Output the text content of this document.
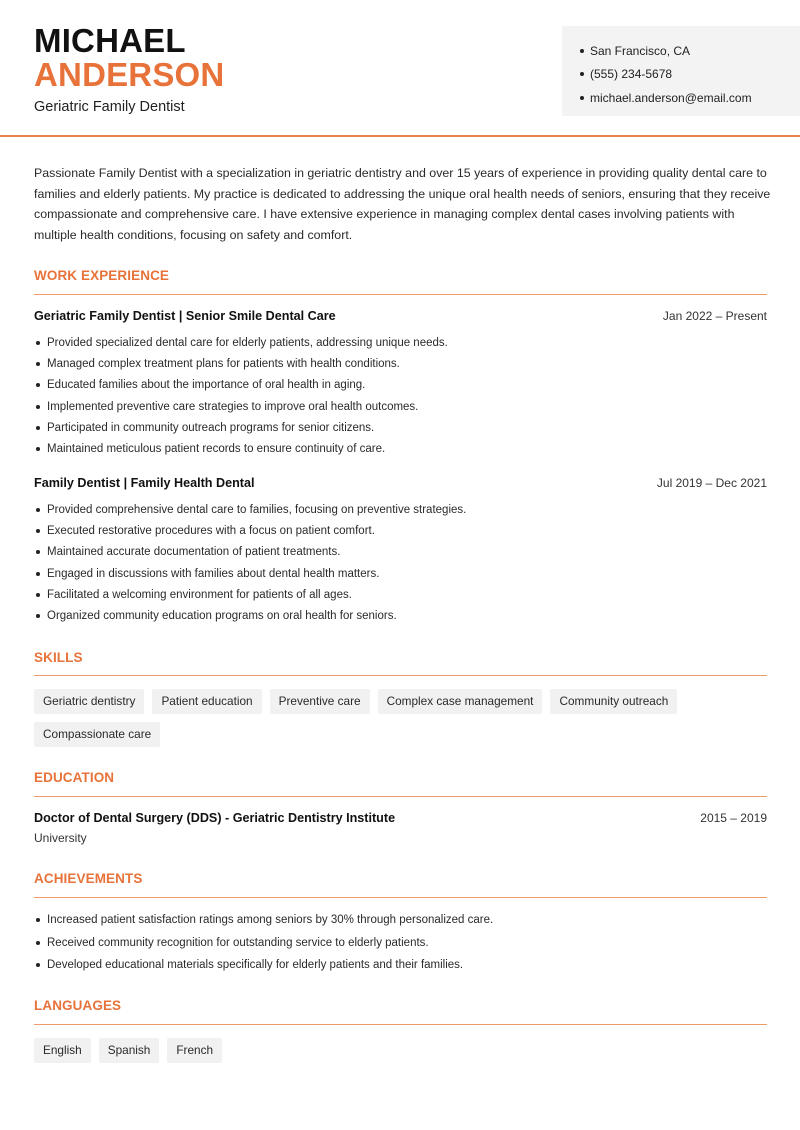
MICHAEL
ANDERSON
Geriatric Family Dentist
San Francisco, CA
(555) 234-5678
michael.anderson@email.com
Passionate Family Dentist with a specialization in geriatric dentistry and over 15 years of experience in providing quality dental care to families and elderly patients. My practice is dedicated to addressing the unique oral health needs of seniors, ensuring that they receive compassionate and comprehensive care. I have extensive experience in managing complex dental cases involving patients with multiple health conditions, focusing on safety and comfort.
WORK EXPERIENCE
Geriatric Family Dentist | Senior Smile Dental Care	Jan 2022 – Present
Provided specialized dental care for elderly patients, addressing unique needs.
Managed complex treatment plans for patients with health conditions.
Educated families about the importance of oral health in aging.
Implemented preventive care strategies to improve oral health outcomes.
Participated in community outreach programs for senior citizens.
Maintained meticulous patient records to ensure continuity of care.
Family Dentist | Family Health Dental	Jul 2019 – Dec 2021
Provided comprehensive dental care to families, focusing on preventive strategies.
Executed restorative procedures with a focus on patient comfort.
Maintained accurate documentation of patient treatments.
Engaged in discussions with families about dental health matters.
Facilitated a welcoming environment for patients of all ages.
Organized community education programs on oral health for seniors.
SKILLS
Geriatric dentistry	Patient education	Preventive care	Complex case management	Community outreach
Compassionate care
EDUCATION
Doctor of Dental Surgery (DDS) - Geriatric Dentistry Institute	2015 – 2019
University
ACHIEVEMENTS
Increased patient satisfaction ratings among seniors by 30% through personalized care.
Received community recognition for outstanding service to elderly patients.
Developed educational materials specifically for elderly patients and their families.
LANGUAGES
English	Spanish	French
